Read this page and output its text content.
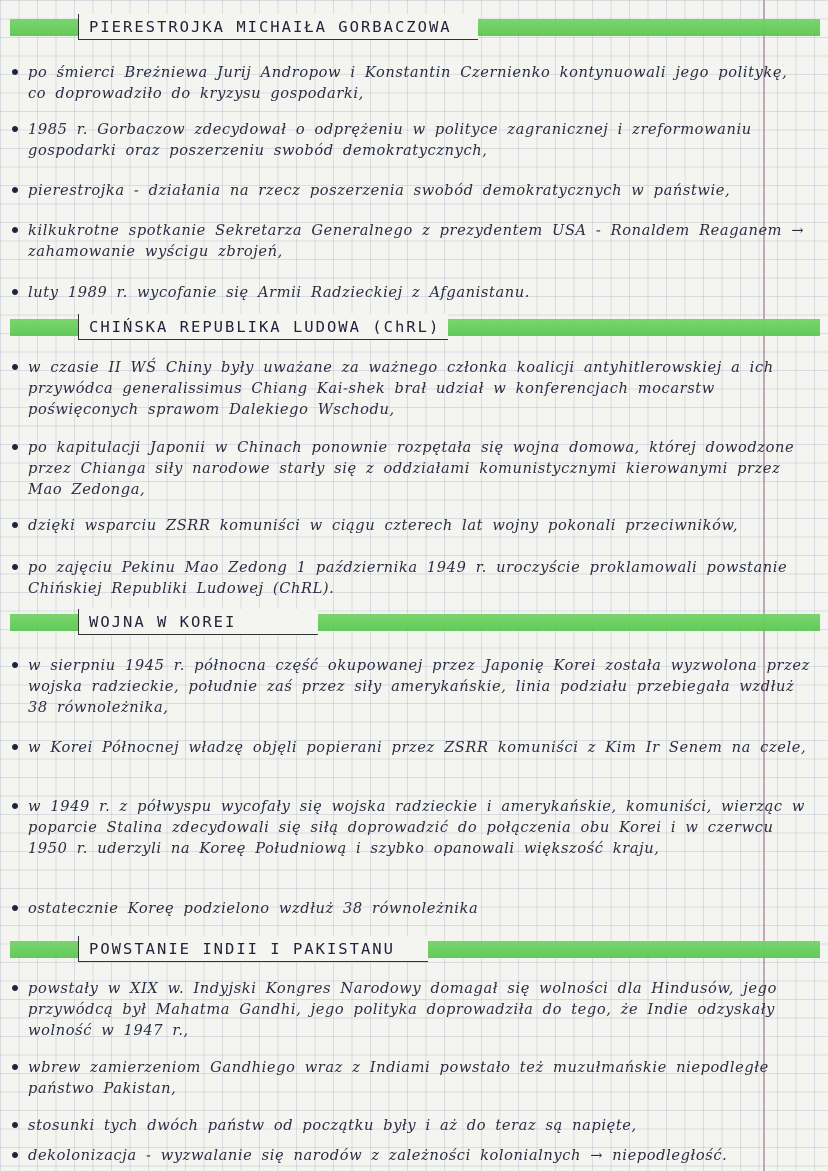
PIERESTROJKA MICHAIŁA GORBACZOWA
po śmierci Breżniewa Jurij Andropow i Konstantin Czernienko kontynuowali jego politykę, co doprowadziło do kryzysu gospodarki,
1985 r. Gorbaczow zdecydował o odprężeniu w polityce zagranicznej i zreformowaniu gospodarki oraz poszerzeniu swobód demokratycznych,
pierestrojka - działania na rzecz poszerzenia swobód demokratycznych w państwie,
kilkukrotne spotkanie Sekretarza Generalnego z prezydentem USA - Ronaldem Reaganem → zahamowanie wyścigu zbrojeń,
luty 1989 r. wycofanie się Armii Radzieckiej z Afganistanu.
CHIŃSKA REPUBLIKA LUDOWA (ChRL)
w czasie II WŚ Chiny były uważane za ważnego członka koalicji antyhitlerowskiej a ich przywódca generalissimus Chiang Kai-shek brał udział w konferencjach mocarstw poświęconych sprawom Dalekiego Wschodu,
po kapitulacji Japonii w Chinach ponownie rozpętała się wojna domowa, której dowodzone przez Chianga siły narodowe starły się z oddziałami komunistycznymi kierowanymi przez Mao Zedonga,
dzięki wsparciu ZSRR komuniści w ciągu czterech lat wojny pokonali przeciwników,
po zajęciu Pekinu Mao Zedong 1 października 1949 r. uroczyście proklamowali powstanie Chińskiej Republiki Ludowej (ChRL).
WOJNA W KOREI
w sierpniu 1945 r. północna część okupowanej przez Japonię Korei została wyzwolona przez wojska radzieckie, południe zaś przez siły amerykańskie, linia podziału przebiegała wzdłuż 38 równoleżnika,
w Korei Północnej władzę objęli popierani przez ZSRR komuniści z Kim Ir Senem na czele,
w 1949 r. z półwyspu wycofały się wojska radzieckie i amerykańskie, komuniści, wierząc w poparcie Stalina zdecydowali się siłą doprowadzić do połączenia obu Korei i w czerwcu 1950 r. uderzyli na Koreę Południową i szybko opanowali większość kraju,
ostatecznie Koreę podzielono wzdłuż 38 równoleżnika
POWSTANIE INDII I PAKISTANU
powstały w XIX w. Indyjski Kongres Narodowy domagał się wolności dla Hindusów, jego przywódcą był Mahatma Gandhi, jego polityka doprowadziła do tego, że Indie odzyskały wolność w 1947 r.,
wbrew zamierzeniom Gandhiego wraz z Indiami powstało też muzułmańskie niepodległe państwo Pakistan,
stosunki tych dwóch państw od początku były i aż do teraz są napięte,
dekolonizacja - wyzwalanie się narodów z zależności kolonialnych → niepodległość.
